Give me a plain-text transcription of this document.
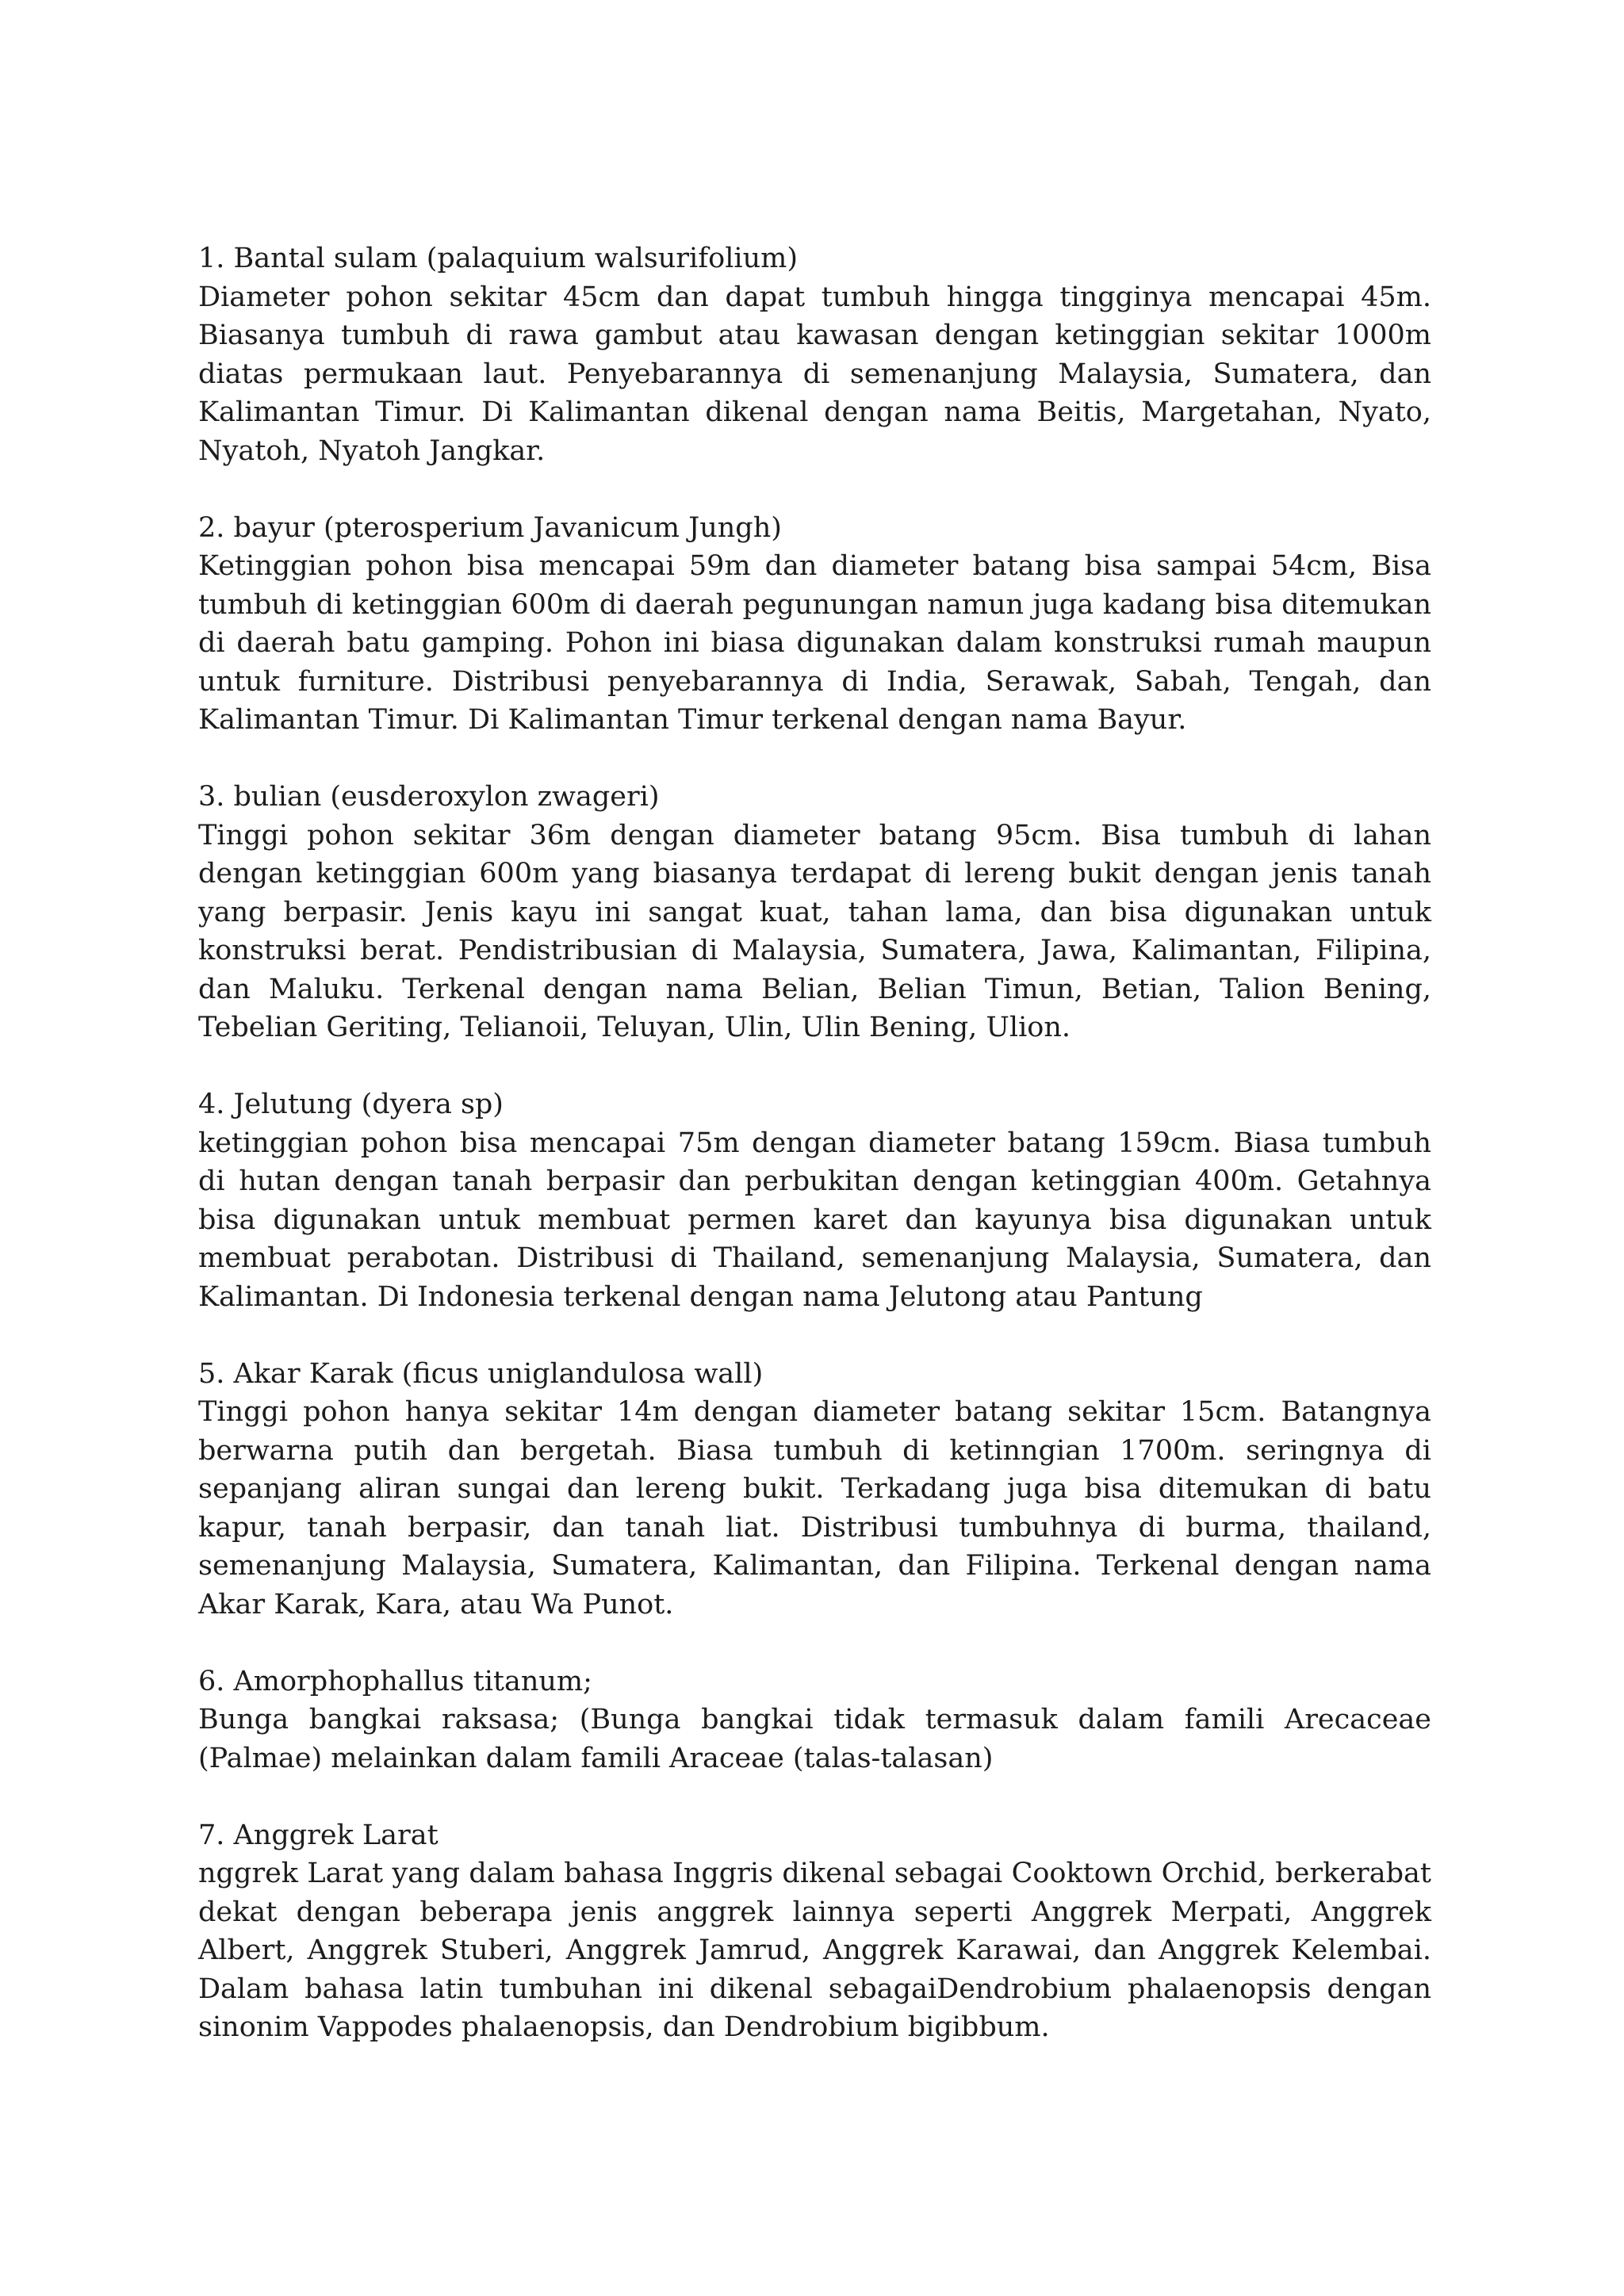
1. Bantal sulam (palaquium walsurifolium)
Diameter pohon sekitar 45cm dan dapat tumbuh hingga tingginya mencapai 45m. Biasanya tumbuh di rawa gambut atau kawasan dengan ketinggian sekitar 1000m diatas permukaan laut. Penyebarannya di semenanjung Malaysia, Sumatera, dan Kalimantan Timur. Di Kalimantan dikenal dengan nama Beitis, Margetahan, Nyato, Nyatoh, Nyatoh Jangkar.
2. bayur (pterosperium Javanicum Jungh)
Ketinggian pohon bisa mencapai 59m dan diameter batang bisa sampai 54cm, Bisa tumbuh di ketinggian 600m di daerah pegunungan namun juga kadang bisa ditemukan di daerah batu gamping. Pohon ini biasa digunakan dalam konstruksi rumah maupun untuk furniture. Distribusi penyebarannya di India, Serawak, Sabah, Tengah, dan Kalimantan Timur. Di Kalimantan Timur terkenal dengan nama Bayur.
3. bulian (eusderoxylon zwageri)
Tinggi pohon sekitar 36m dengan diameter batang 95cm. Bisa tumbuh di lahan dengan ketinggian 600m yang biasanya terdapat di lereng bukit dengan jenis tanah yang berpasir. Jenis kayu ini sangat kuat, tahan lama, dan bisa digunakan untuk konstruksi berat. Pendistribusian di Malaysia, Sumatera, Jawa, Kalimantan, Filipina, dan Maluku. Terkenal dengan nama Belian, Belian Timun, Betian, Talion Bening, Tebelian Geriting, Telianoii, Teluyan, Ulin, Ulin Bening, Ulion.
4. Jelutung (dyera sp)
ketinggian pohon bisa mencapai 75m dengan diameter batang 159cm. Biasa tumbuh di hutan dengan tanah berpasir dan perbukitan dengan ketinggian 400m. Getahnya bisa digunakan untuk membuat permen karet dan kayunya bisa digunakan untuk membuat perabotan. Distribusi di Thailand, semenanjung Malaysia, Sumatera, dan Kalimantan. Di Indonesia terkenal dengan nama Jelutong atau Pantung
5. Akar Karak (ficus uniglandulosa wall)
Tinggi pohon hanya sekitar 14m dengan diameter batang sekitar 15cm. Batangnya berwarna putih dan bergetah. Biasa tumbuh di ketinngian 1700m. seringnya di sepanjang aliran sungai dan lereng bukit. Terkadang juga bisa ditemukan di batu kapur, tanah berpasir, dan tanah liat. Distribusi tumbuhnya di burma, thailand, semenanjung Malaysia, Sumatera, Kalimantan, dan Filipina. Terkenal dengan nama Akar Karak, Kara, atau Wa Punot.
6. Amorphophallus titanum;
Bunga bangkai raksasa; (Bunga bangkai tidak termasuk dalam famili Arecaceae (Palmae) melainkan dalam famili Araceae (talas-talasan)
7. Anggrek Larat
nggrek Larat yang dalam bahasa Inggris dikenal sebagai Cooktown Orchid, berkerabat dekat dengan beberapa jenis anggrek lainnya seperti Anggrek Merpati, Anggrek Albert, Anggrek Stuberi, Anggrek Jamrud, Anggrek Karawai, dan Anggrek Kelembai. Dalam bahasa latin tumbuhan ini dikenal sebagaiDendrobium phalaenopsis dengan sinonim Vappodes phalaenopsis, dan Dendrobium bigibbum.
